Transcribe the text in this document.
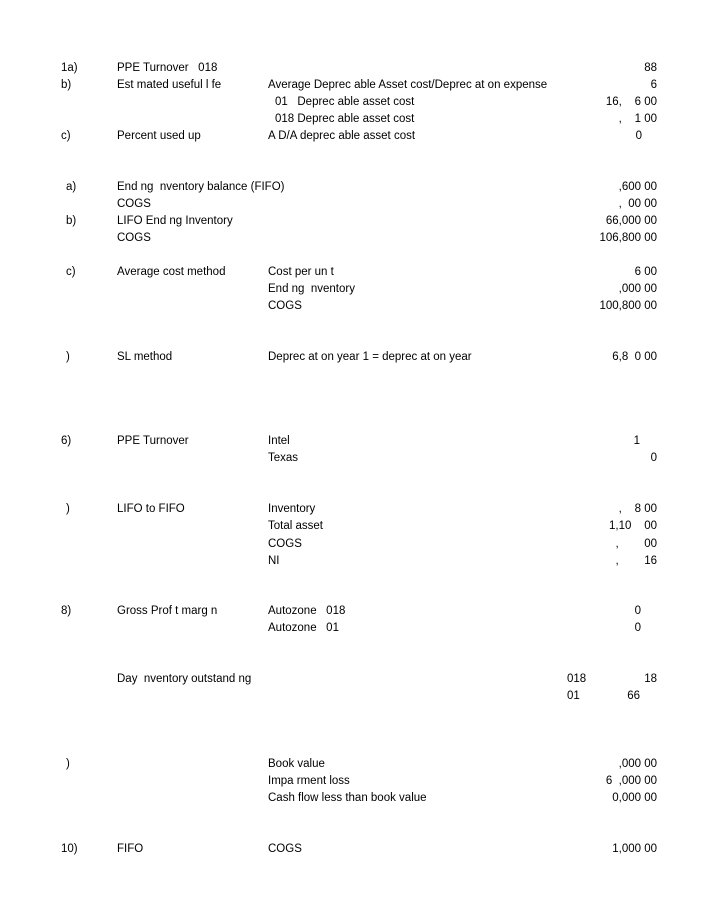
1a)	PPE Turnover   018	88
b)	Est mated useful l fe	Average Deprec able Asset cost/Deprec at on expense	6
01   Deprec able asset cost	16,    6 00
018 Deprec able asset cost	,    1 00
c)	Percent used up	A D/A deprec able asset cost	0
a)	End ng  nventory balance (FIFO)	,600 00
COGS	,  00 00
b)	LIFO End ng Inventory	66,000 00
COGS	106,800 00
c)	Average cost method	Cost per un t	6 00
End ng  nventory	,000 00
COGS	100,800 00
)	SL method	Deprec at on year 1 = deprec at on year	6,8  0 00
6)	PPE Turnover	Intel	1
Texas	0
)	LIFO to FIFO	Inventory	,    8 00
Total asset	1,10    00
COGS	,        00
NI	,        16
8)	Gross Prof t marg n	Autozone   018	0
Autozone   01	0
Day  nventory outstand ng	018	18
01	66
)	Book value	,000 00
Impa rment loss	6  ,000 00
Cash flow less than book value	0,000 00
10)	FIFO	COGS	1,000 00
